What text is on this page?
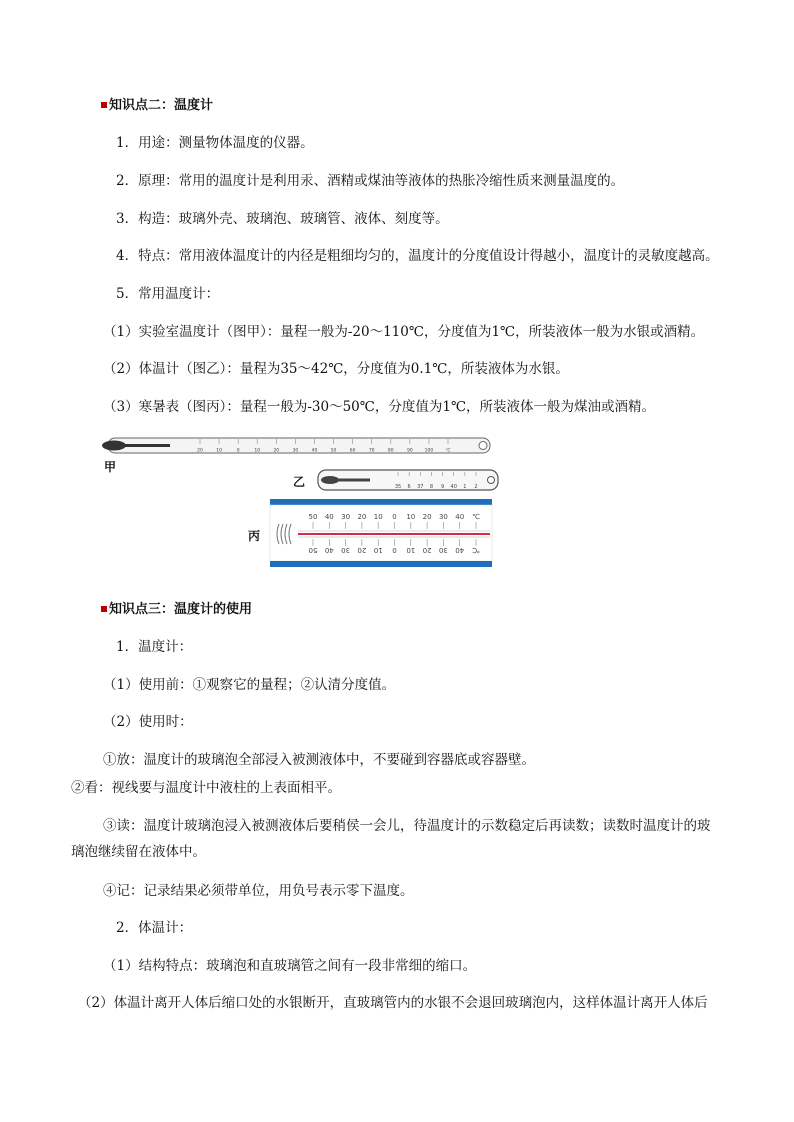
知识点二：温度计
1．用途：测量物体温度的仪器。
2．原理：常用的温度计是利用汞、酒精或煤油等液体的热胀冷缩性质来测量温度的。
3．构造：玻璃外壳、玻璃泡、玻璃管、液体、刻度等。
4．特点：常用液体温度计的内径是粗细均匀的，温度计的分度值设计得越小，温度计的灵敏度越高。
5．常用温度计：
（1）实验室温度计（图甲）：量程一般为-20～110℃，分度值为1℃，所装液体一般为水银或酒精。
（2）体温计（图乙）：量程为35～42℃，分度值为0.1℃，所装液体为水银。
（3）寒暑表（图丙）：量程一般为-30～50℃，分度值为1℃，所装液体一般为煤油或酒精。
20	10	0	10	20	30	40	50	60	70	80	90	100	℃
35 6 37 8 9 40 1 2
50
50
40
40
30
30
20
20
10
10
0
0
10
10
20
20
30
30
40
40
℃
℃
甲
乙
丙
知识点三：温度计的使用
1．温度计：
（1）使用前：①观察它的量程；②认清分度值。
（2）使用时：
①放：温度计的玻璃泡全部浸入被测液体中，不要碰到容器底或容器壁。
②看：视线要与温度计中液柱的上表面相平。
③读：温度计玻璃泡浸入被测液体后要稍侯一会儿，待温度计的示数稳定后再读数；读数时温度计的玻璃泡继续留在液体中。
④记：记录结果必须带单位，用负号表示零下温度。
2．体温计：
（1）结构特点：玻璃泡和直玻璃管之间有一段非常细的缩口。
（2）体温计离开人体后缩口处的水银断开，直玻璃管内的水银不会退回玻璃泡内，这样体温计离开人体后
